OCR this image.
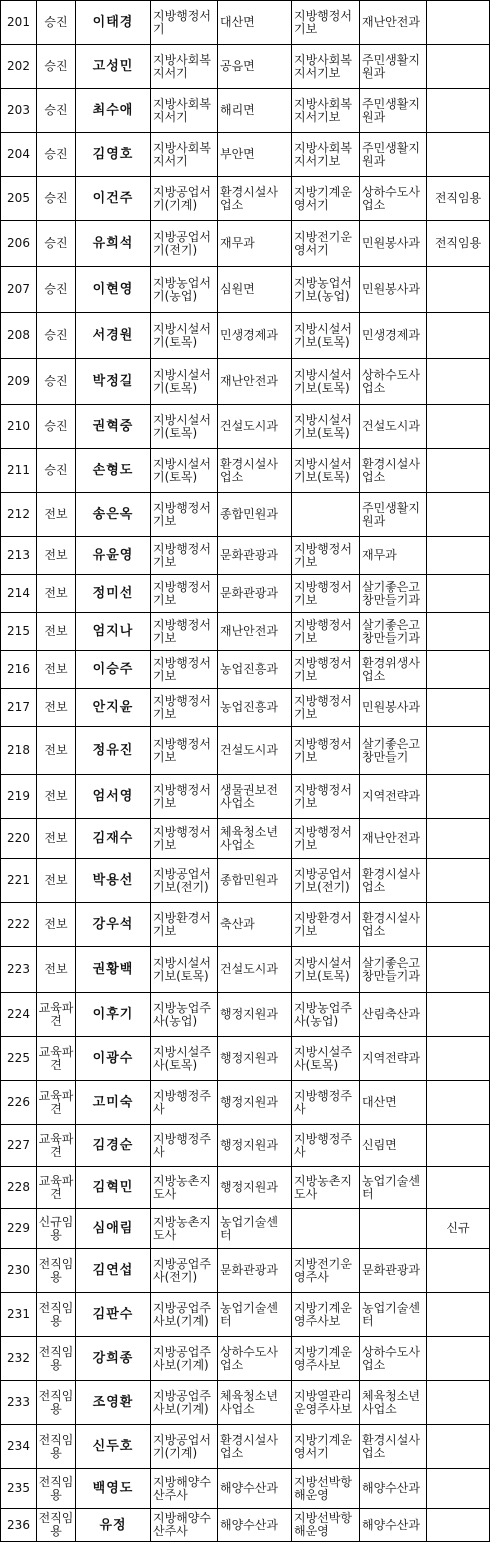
201	승진	이태경	지방행정서기	대산면	지방행정서기보	재난안전과	
202	승진	고성민	지방사회복지서기	공음면	지방사회복지서기보	주민생활지원과	
203	승진	최수애	지방사회복지서기	해리면	지방사회복지서기보	주민생활지원과	
204	승진	김영호	지방사회복지서기	부안면	지방사회복지서기보	주민생활지원과	
205	승진	이건주	지방공업서기(기계)	환경시설사업소	지방기계운영서기	상하수도사업소	전직임용
206	승진	유희석	지방공업서기(전기)	재무과	지방전기운영서기	민원봉사과	전직임용
207	승진	이현영	지방농업서기(농업)	심원면	지방농업서기보(농업)	민원봉사과	
208	승진	서경원	지방시설서기(토목)	민생경제과	지방시설서기보(토목)	민생경제과	
209	승진	박정길	지방시설서기(토목)	재난안전과	지방시설서기보(토목)	상하수도사업소	
210	승진	권혁중	지방시설서기(토목)	건설도시과	지방시설서기보(토목)	건설도시과	
211	승진	손형도	지방시설서기(토목)	환경시설사업소	지방시설서기보(토목)	환경시설사업소	
212	전보	송은옥	지방행정서기보	종합민원과		주민생활지원과	
213	전보	유윤영	지방행정서기보	문화관광과	지방행정서기보	재무과	
214	전보	정미선	지방행정서기보	문화관광과	지방행정서기보	살기좋은고창만들기과	
215	전보	엄지나	지방행정서기보	재난안전과	지방행정서기보	살기좋은고창만들기과	
216	전보	이승주	지방행정서기보	농업진흥과	지방행정서기보	환경위생사업소	
217	전보	안지윤	지방행정서기보	농업진흥과	지방행정서기보	민원봉사과	
218	전보	정유진	지방행정서기보	건설도시과	지방행정서기보	살기좋은고창만들기	
219	전보	엄서영	지방행정서기보	생물권보전사업소	지방행정서기보	지역전략과	
220	전보	김재수	지방행정서기보	체육청소년사업소	지방행정서기보	재난안전과	
221	전보	박용선	지방공업서기보(전기)	종합민원과	지방공업서기보(전기)	환경시설사업소	
222	전보	강우석	지방환경서기보	축산과	지방환경서기보	환경시설사업소	
223	전보	권황백	지방시설서기보(토목)	건설도시과	지방시설서기보(토목)	살기좋은고창만들기과	
224	교육파견	이후기	지방농업주사(농업)	행정지원과	지방농업주사(농업)	산림축산과	
225	교육파견	이광수	지방시설주사(토목)	행정지원과	지방시설주사(토목)	지역전략과	
226	교육파견	고미숙	지방행정주사	행정지원과	지방행정주사	대산면	
227	교육파견	김경순	지방행정주사	행정지원과	지방행정주사	신림면	
228	교육파견	김혁민	지방농촌지도사	행정지원과	지방농촌지도사	농업기술센터	
229	신규임용	심애림	지방농촌지도사	농업기술센터			신규
230	전직임용	김연섭	지방공업주사(전기)	문화관광과	지방전기운영주사	문화관광과	
231	전직임용	김판수	지방공업주사보(기계)	농업기술센터	지방기계운영주사보	농업기술센터	
232	전직임용	강희종	지방공업주사보(기계)	상하수도사업소	지방기계운영주사보	상하수도사업소	
233	전직임용	조영환	지방공업주사보(기계)	체육청소년사업소	지방열관리운영주사보	체육청소년사업소	
234	전직임용	신두호	지방공업서기(기계)	환경시설사업소	지방기계운영서기	환경시설사업소	
235	전직임용	백영도	지방해양수산주사	해양수산과	지방선박항해운영	해양수산과	
236	전직임용	유정	지방해양수산주사	해양수산과	지방선박항해운영	해양수산과	
